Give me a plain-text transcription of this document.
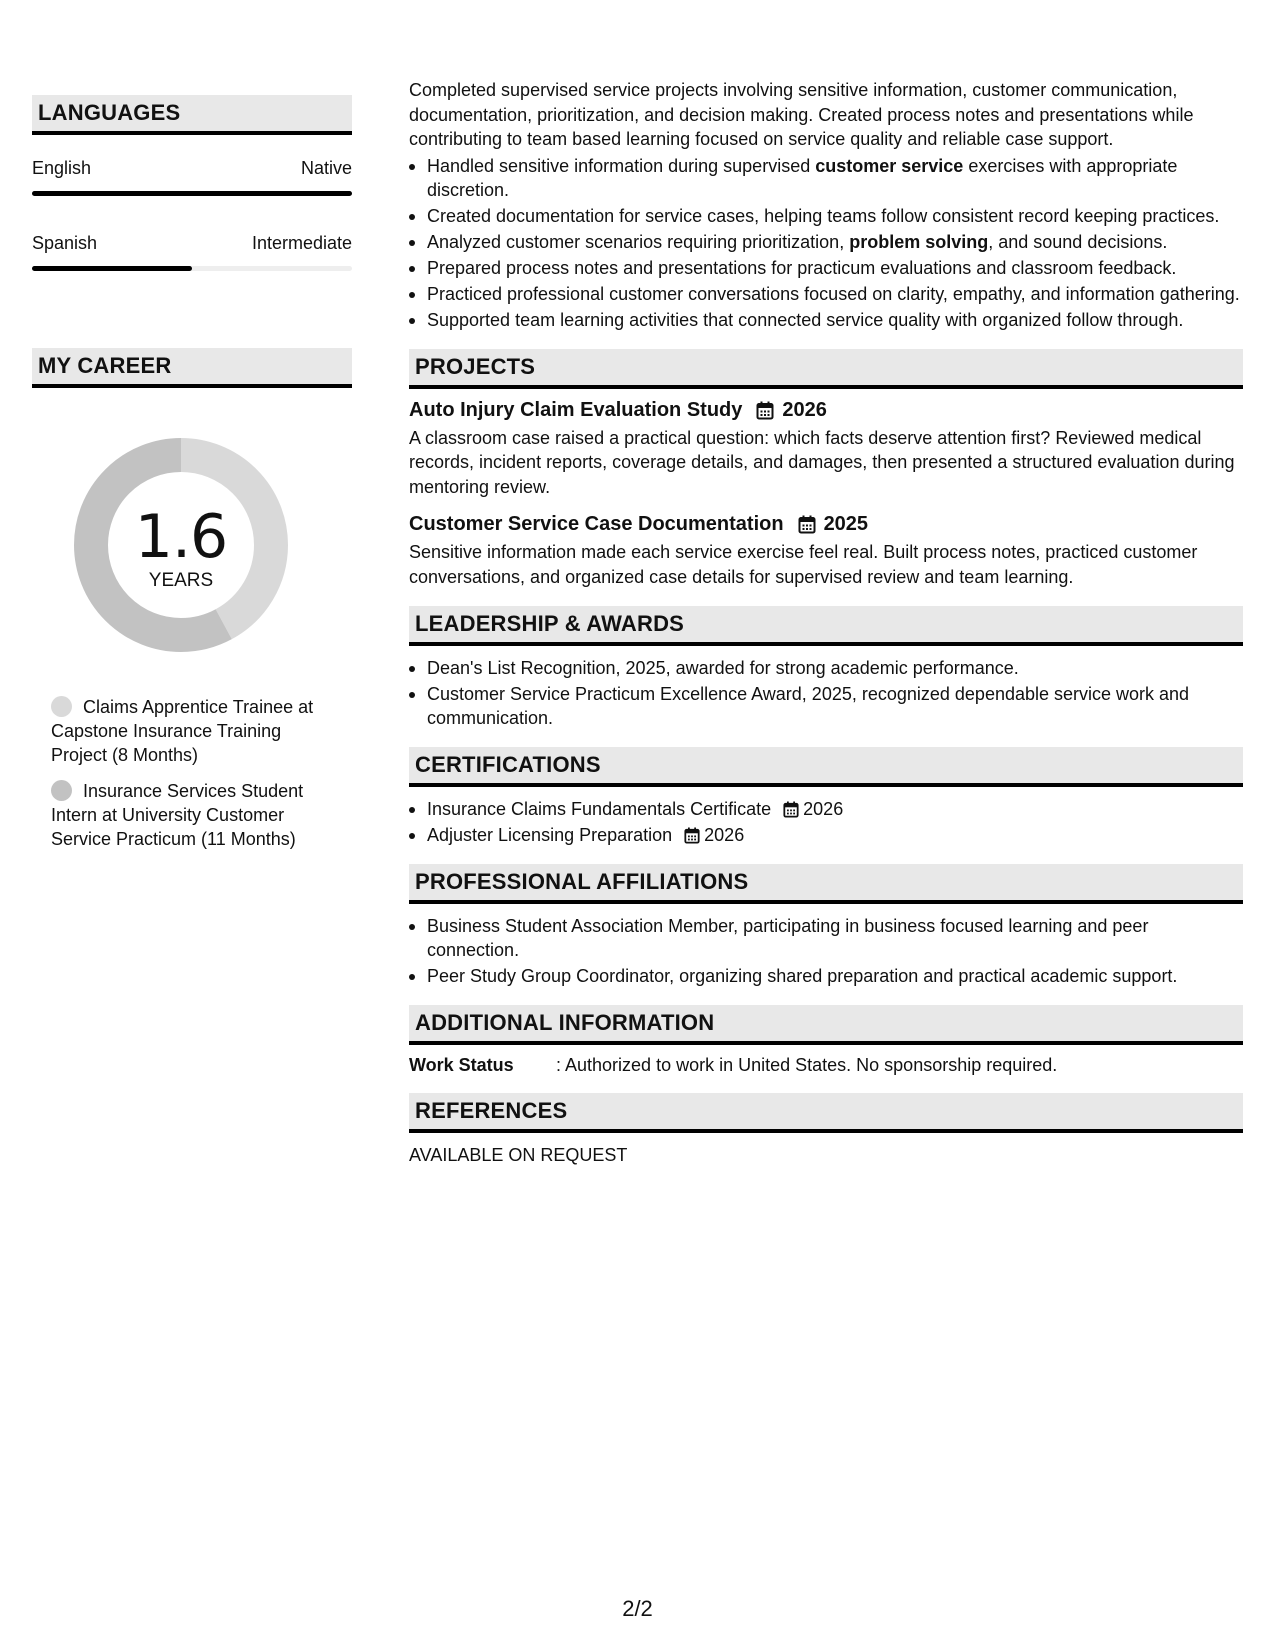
LANGUAGES
English	Native
Spanish	Intermediate
MY CAREER
1.6
YEARS
Claims Apprentice Trainee at Capstone Insurance Training Project (8 Months)
Insurance Services Student Intern at University Customer Service Practicum (11 Months)
Completed supervised service projects involving sensitive information, customer communication, documentation, prioritization, and decision making. Created process notes and presentations while contributing to team based learning focused on service quality and reliable case support.
Handled sensitive information during supervised customer service exercises with appropriate discretion.
Created documentation for service cases, helping teams follow consistent record keeping practices.
Analyzed customer scenarios requiring prioritization, problem solving, and sound decisions.
Prepared process notes and presentations for practicum evaluations and classroom feedback.
Practiced professional customer conversations focused on clarity, empathy, and information gathering.
Supported team learning activities that connected service quality with organized follow through.
PROJECTS
Auto Injury Claim Evaluation Study 2026
A classroom case raised a practical question: which facts deserve attention first? Reviewed medical records, incident reports, coverage details, and damages, then presented a structured evaluation during mentoring review.
Customer Service Case Documentation 2025
Sensitive information made each service exercise feel real. Built process notes, practiced customer conversations, and organized case details for supervised review and team learning.
LEADERSHIP & AWARDS
Dean's List Recognition, 2025, awarded for strong academic performance.
Customer Service Practicum Excellence Award, 2025, recognized dependable service work and communication.
CERTIFICATIONS
Insurance Claims Fundamentals Certificate 2026
Adjuster Licensing Preparation 2026
PROFESSIONAL AFFILIATIONS
Business Student Association Member, participating in business focused learning and peer connection.
Peer Study Group Coordinator, organizing shared preparation and practical academic support.
ADDITIONAL INFORMATION
Work Status	: Authorized to work in United States. No sponsorship required.
REFERENCES
AVAILABLE ON REQUEST
2/2
